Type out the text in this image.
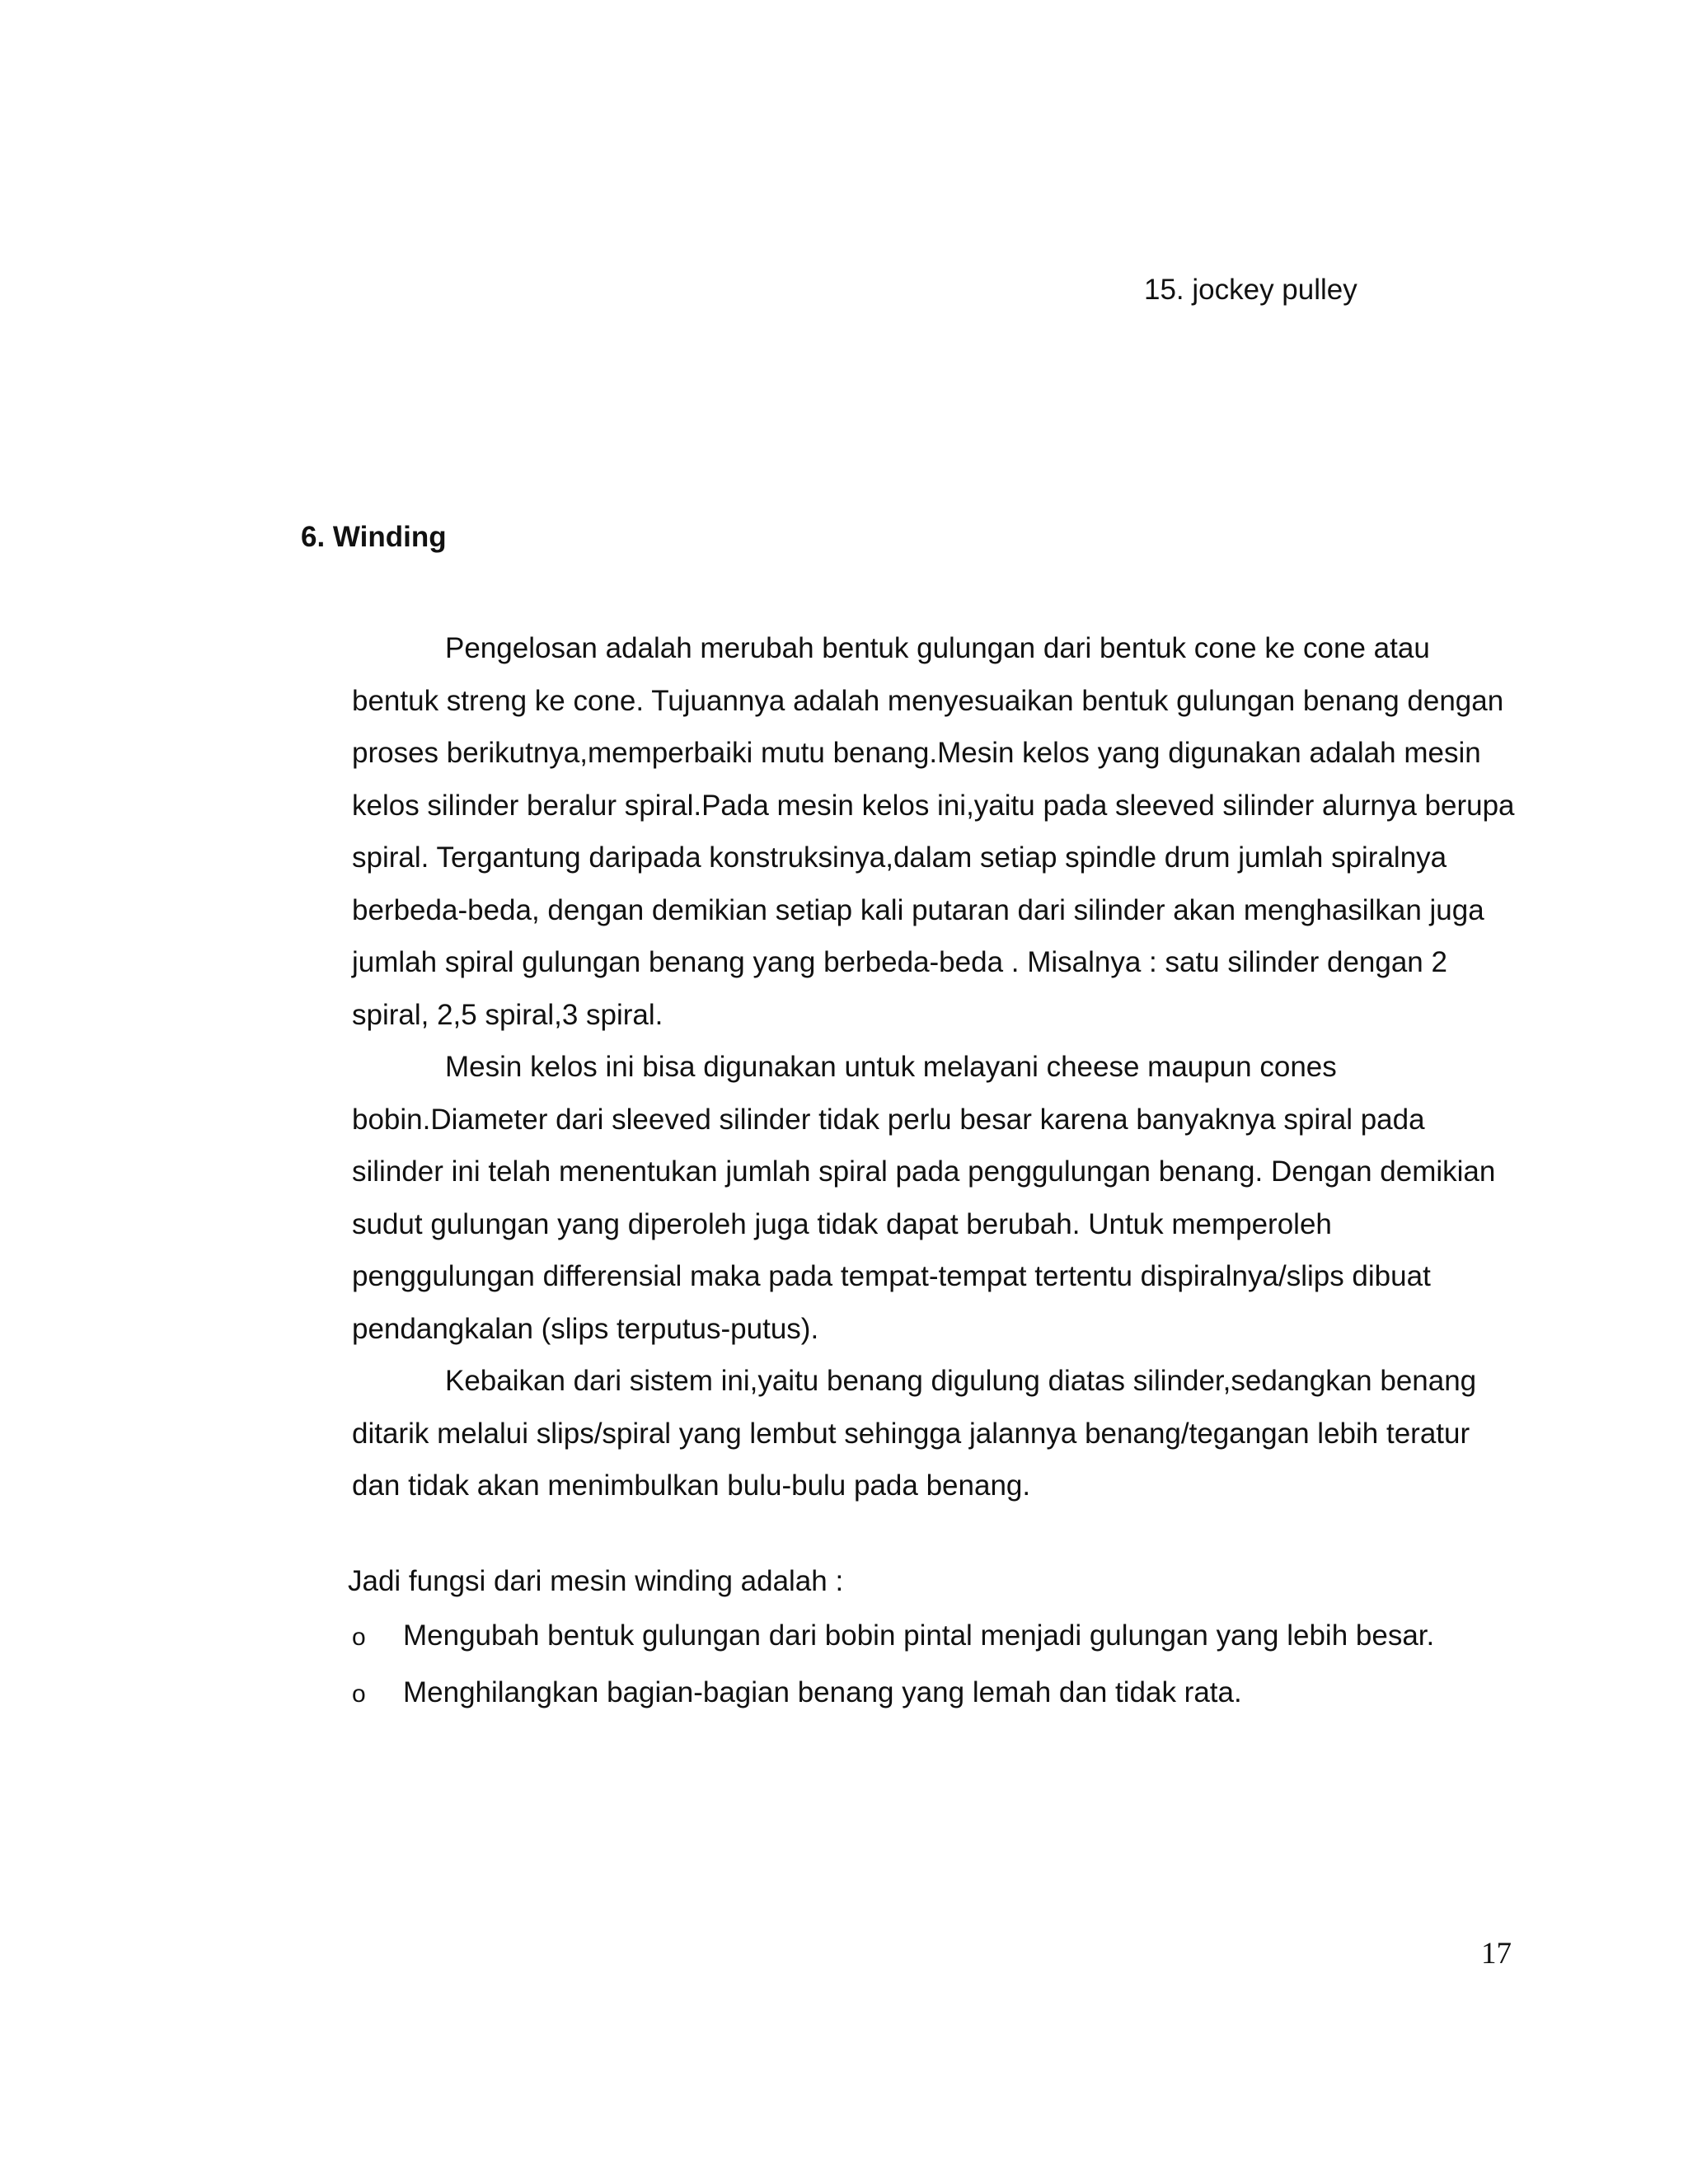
15. jockey pulley
6. Winding

Pengelosan adalah merubah bentuk gulungan dari bentuk cone ke cone atau bentuk streng ke cone. Tujuannya adalah menyesuaikan bentuk gulungan benang dengan proses berikutnya,memperbaiki mutu benang.Mesin kelos yang digunakan adalah mesin kelos silinder beralur spiral.Pada mesin kelos ini,yaitu pada sleeved silinder alurnya berupa spiral. Tergantung daripada konstruksinya,dalam setiap spindle drum jumlah spiralnya berbeda-beda, dengan demikian setiap kali putaran dari silinder akan menghasilkan juga jumlah spiral gulungan benang yang berbeda-beda . Misalnya : satu silinder dengan 2 spiral, 2,5 spiral,3 spiral.

Mesin kelos ini bisa digunakan untuk melayani cheese maupun cones bobin.Diameter dari sleeved silinder tidak perlu besar karena banyaknya spiral pada silinder ini telah menentukan jumlah spiral pada penggulungan benang. Dengan demikian sudut gulungan yang diperoleh juga tidak dapat berubah. Untuk memperoleh penggulungan differensial maka pada tempat-tempat tertentu dispiralnya/slips dibuat pendangkalan (slips terputus-putus).

Kebaikan dari sistem ini,yaitu benang digulung diatas silinder,sedangkan benang ditarik melalui slips/spiral yang lembut sehingga jalannya benang/tegangan lebih teratur dan tidak akan menimbulkan bulu-bulu pada benang.

Jadi fungsi dari mesin winding adalah :
o Mengubah bentuk gulungan dari bobin pintal menjadi gulungan yang lebih besar.
o Menghilangkan bagian-bagian benang yang lemah dan tidak rata.
17
